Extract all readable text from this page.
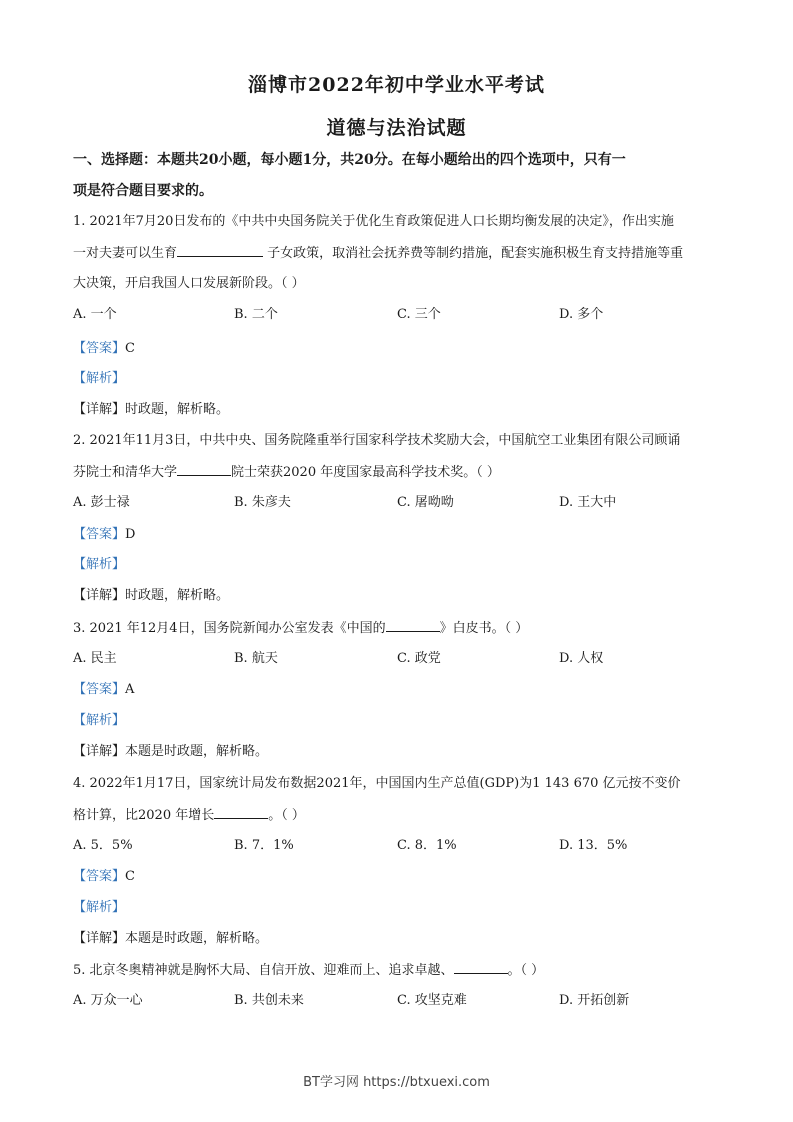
淄博市2022年初中学业水平考试
道德与法治试题
一、选择题：本题共20小题，每小题1分，共20分。在每小题给出的四个选项中，只有一
项是符合题目要求的。
1. 2021年7月20日发布的《中共中央国务院关于优化生育政策促进人口长期均衡发展的决定》，作出实施
一对夫妻可以生育	子女政策，取消社会抚养费等制约措施，配套实施积极生育支持措施等重
大决策，开启我国人口发展新阶段。（ ）
A. 一个	B. 二个	C. 三个	D. 多个
【答案】C
【解析】
【详解】时政题，解析略。
2. 2021年11月3日，中共中央、国务院隆重举行国家科学技术奖励大会，中国航空工业集团有限公司顾诵
芬院士和清华大学	院士荣获2020 年度国家最高科学技术奖。（ ）
A. 彭士禄	B. 朱彦夫	C. 屠呦呦	D. 王大中
【答案】D
【解析】
【详解】时政题，解析略。
3. 2021 年12月4日，国务院新闻办公室发表《中国的	》白皮书。（ ）
A. 民主	B. 航天	C. 政党	D. 人权
【答案】A
【解析】
【详解】本题是时政题，解析略。
4. 2022年1月17日，国家统计局发布数据2021年，中国国内生产总值(GDP)为1 143 670 亿元按不变价
格计算，比2020 年增长	。（ ）
A. 5．5%	B. 7．1%	C. 8．1%	D. 13．5%
【答案】C
【解析】
【详解】本题是时政题，解析略。
5. 北京冬奥精神就是胸怀大局、自信开放、迎难而上、追求卓越、	。（ ）
A. 万众一心	B. 共创未来	C. 攻坚克难	D. 开拓创新
BT学习网 https://btxuexi.com
